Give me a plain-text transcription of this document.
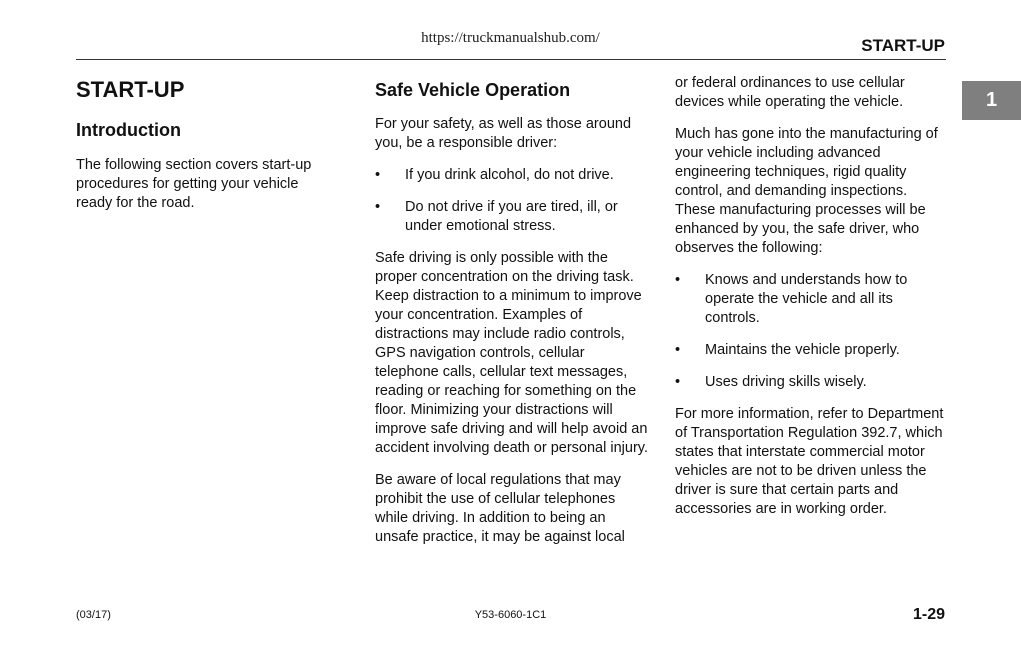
https://truckmanualshub.com/	START-UP
1
START-UP
Introduction

The following section covers start-up procedures for getting your vehicle ready for the road.

Safe Vehicle Operation

For your safety, as well as those around you, be a responsible driver:

• If you drink alcohol, do not drive.
• Do not drive if you are tired, ill, or under emotional stress.

Safe driving is only possible with the proper concentration on the driving task. Keep distraction to a minimum to improve your concentration. Examples of distractions may include radio controls, GPS navigation controls, cellular telephone calls, cellular text messages, reading or reaching for something on the floor. Minimizing your distractions will improve safe driving and will help avoid an accident involving death or personal injury.

Be aware of local regulations that may prohibit the use of cellular telephones while driving. In addition to being an unsafe practice, it may be against local

or federal ordinances to use cellular devices while operating the vehicle.

Much has gone into the manufacturing of your vehicle including advanced engineering techniques, rigid quality control, and demanding inspections. These manufacturing processes will be enhanced by you, the safe driver, who observes the following:

• Knows and understands how to operate the vehicle and all its controls.
• Maintains the vehicle properly.
• Uses driving skills wisely.

For more information, refer to Department of Transportation Regulation 392.7, which states that interstate commercial motor vehicles are not to be driven unless the driver is sure that certain parts and accessories are in working order.

(03/17)	Y53-6060-1C1	1-29
